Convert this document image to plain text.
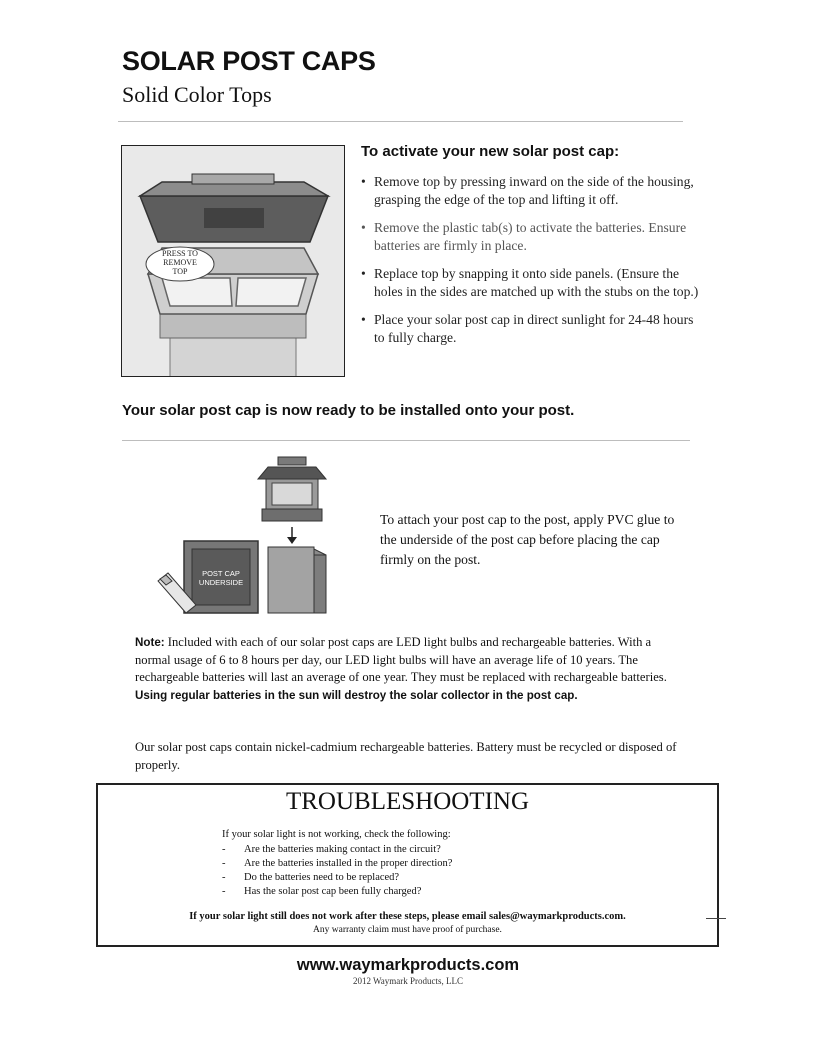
SOLAR POST CAPS
Solid Color Tops
PRESS TO
REMOVE
TOP
To activate your new solar post cap:
• Remove top by pressing inward on the side of the housing, grasping the edge of the top and lifting it off.
• Remove the plastic tab(s) to activate the batteries. Ensure batteries are firmly in place.
• Replace top by snapping it onto side panels. (Ensure the holes in the sides are matched up with the stubs on the top.)
• Place your solar post cap in direct sunlight for 24-48 hours to fully charge.
Your solar post cap is now ready to be installed onto your post.
POST CAP
UNDERSIDE
To attach your post cap to the post, apply PVC glue to the underside of the post cap before placing the cap firmly on the post.
Note: Included with each of our solar post caps are LED light bulbs and rechargeable batteries. With a normal usage of 6 to 8 hours per day, our LED light bulbs will have an average life of 10 years. The rechargeable batteries will last an average of one year. They must be replaced with rechargeable batteries. Using regular batteries in the sun will destroy the solar collector in the post cap.
Our solar post caps contain nickel-cadmium rechargeable batteries. Battery must be recycled or disposed of properly.
TROUBLESHOOTING
If your solar light is not working, check the following:
- Are the batteries making contact in the circuit?
- Are the batteries installed in the proper direction?
- Do the batteries need to be replaced?
- Has the solar post cap been fully charged?
If your solar light still does not work after these steps, please email sales@waymarkproducts.com.
Any warranty claim must have proof of purchase.
www.waymarkproducts.com
2012 Waymark Products, LLC
